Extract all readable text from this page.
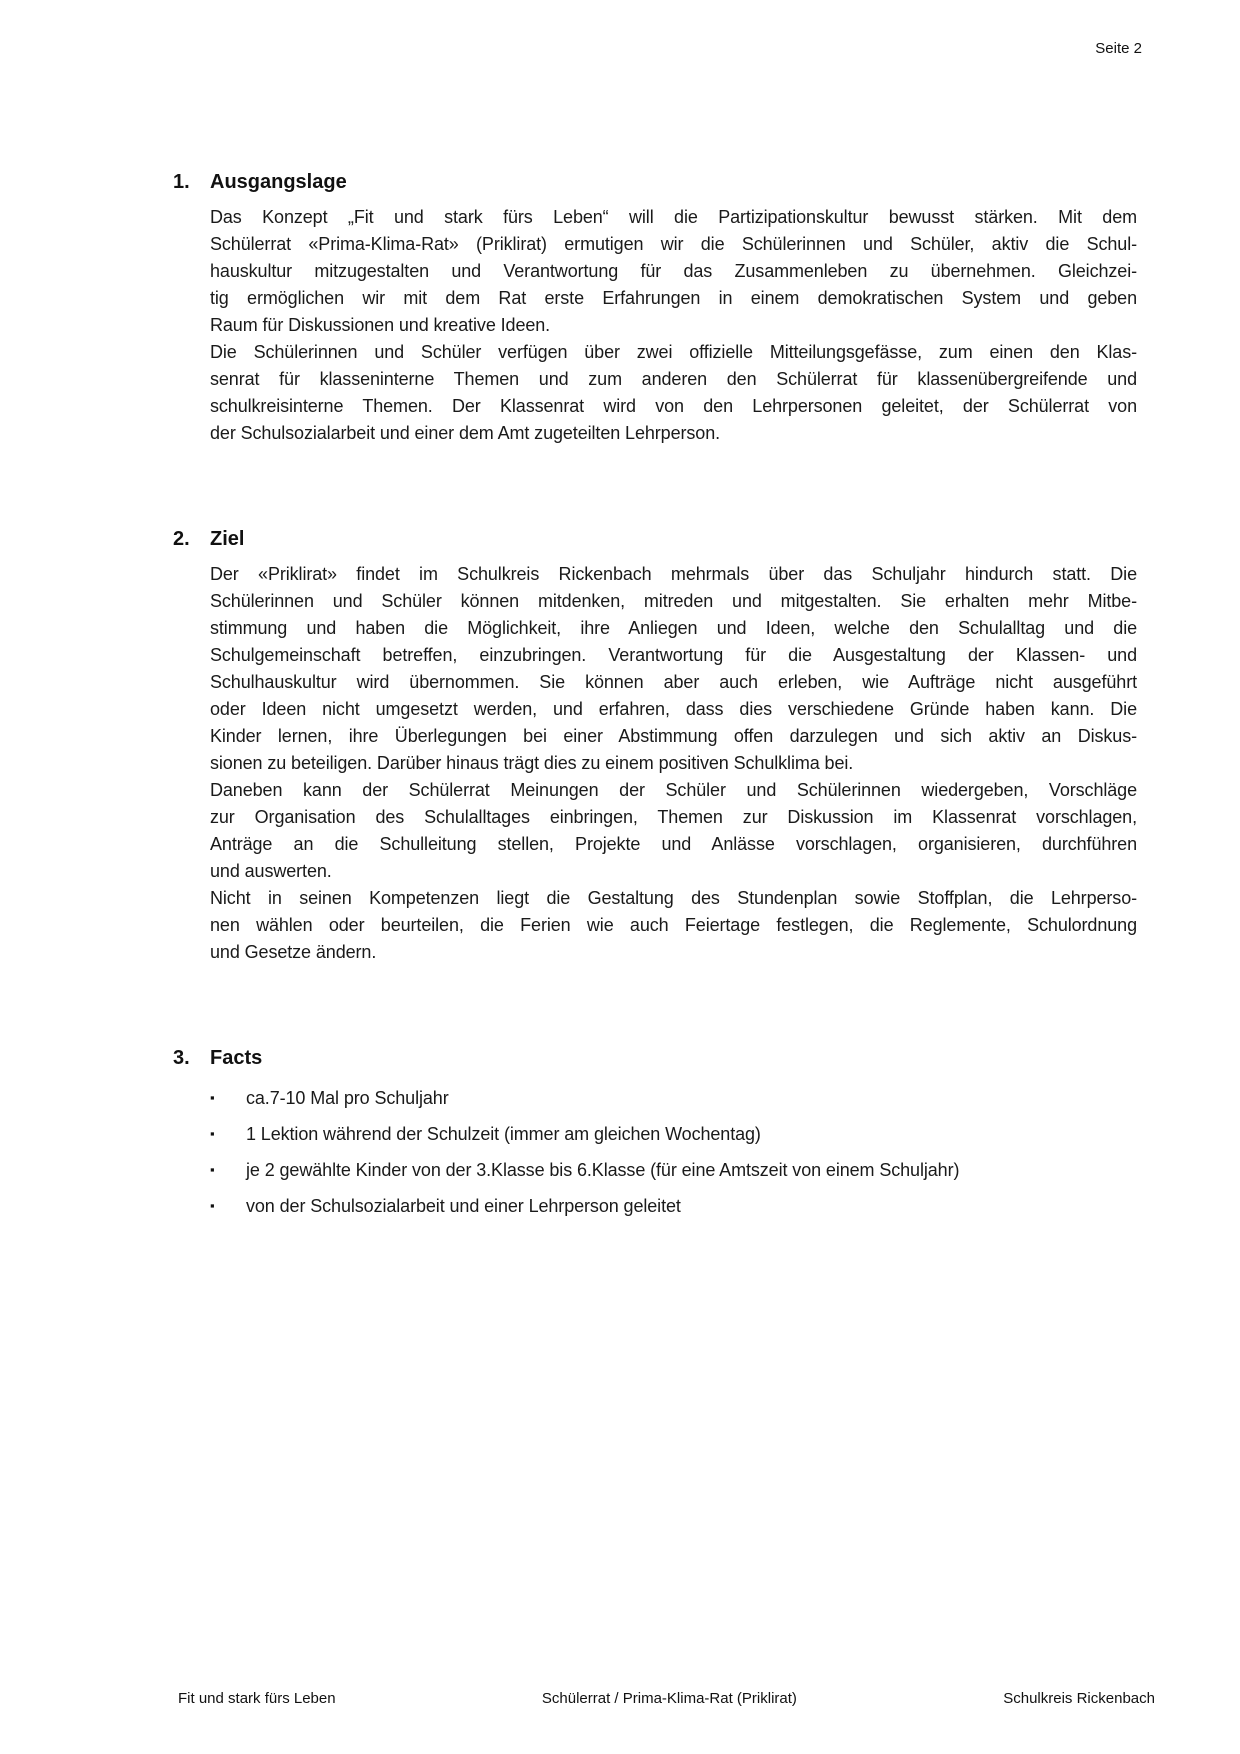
Seite 2
1.	Ausgangslage
Das Konzept „Fit und stark fürs Leben“ will die Partizipationskultur bewusst stärken. Mit dem
Schülerrat «Prima-Klima-Rat» (Priklirat) ermutigen wir die Schülerinnen und Schüler, aktiv die Schul-
hauskultur mitzugestalten und Verantwortung für das Zusammenleben zu übernehmen. Gleichzei-
tig ermöglichen wir mit dem Rat erste Erfahrungen in einem demokratischen System und geben
Raum für Diskussionen und kreative Ideen.
Die Schülerinnen und Schüler verfügen über zwei offizielle Mitteilungsgefässe, zum einen den Klas-
senrat für klasseninterne Themen und zum anderen den Schülerrat für klassenübergreifende und
schulkreisinterne Themen. Der Klassenrat wird von den Lehrpersonen geleitet, der Schülerrat von
der Schulsozialarbeit und einer dem Amt zugeteilten Lehrperson.
2.	Ziel
Der «Priklirat» findet im Schulkreis Rickenbach mehrmals über das Schuljahr hindurch statt. Die
Schülerinnen und Schüler können mitdenken, mitreden und mitgestalten. Sie erhalten mehr Mitbe-
stimmung und haben die Möglichkeit, ihre Anliegen und Ideen, welche den Schulalltag und die
Schulgemeinschaft betreffen, einzubringen. Verantwortung für die Ausgestaltung der Klassen- und
Schulhauskultur wird übernommen. Sie können aber auch erleben, wie Aufträge nicht ausgeführt
oder Ideen nicht umgesetzt werden, und erfahren, dass dies verschiedene Gründe haben kann. Die
Kinder lernen, ihre Überlegungen bei einer Abstimmung offen darzulegen und sich aktiv an Diskus-
sionen zu beteiligen. Darüber hinaus trägt dies zu einem positiven Schulklima bei.
Daneben kann der Schülerrat Meinungen der Schüler und Schülerinnen wiedergeben, Vorschläge
zur Organisation des Schulalltages einbringen, Themen zur Diskussion im Klassenrat vorschlagen,
Anträge an die Schulleitung stellen, Projekte und Anlässe vorschlagen, organisieren, durchführen
und auswerten.
Nicht in seinen Kompetenzen liegt die Gestaltung des Stundenplan sowie Stoffplan, die Lehrperso-
nen wählen oder beurteilen, die Ferien wie auch Feiertage festlegen, die Reglemente, Schulordnung
und Gesetze ändern.
3.	Facts
▪	ca.7-10 Mal pro Schuljahr
▪	1 Lektion während der Schulzeit (immer am gleichen Wochentag)
▪	je 2 gewählte Kinder von der 3.Klasse bis 6.Klasse (für eine Amtszeit von einem Schuljahr)
▪	von der Schulsozialarbeit und einer Lehrperson geleitet
Fit und stark fürs Leben	Schülerrat / Prima-Klima-Rat (Priklirat)	Schulkreis Rickenbach
